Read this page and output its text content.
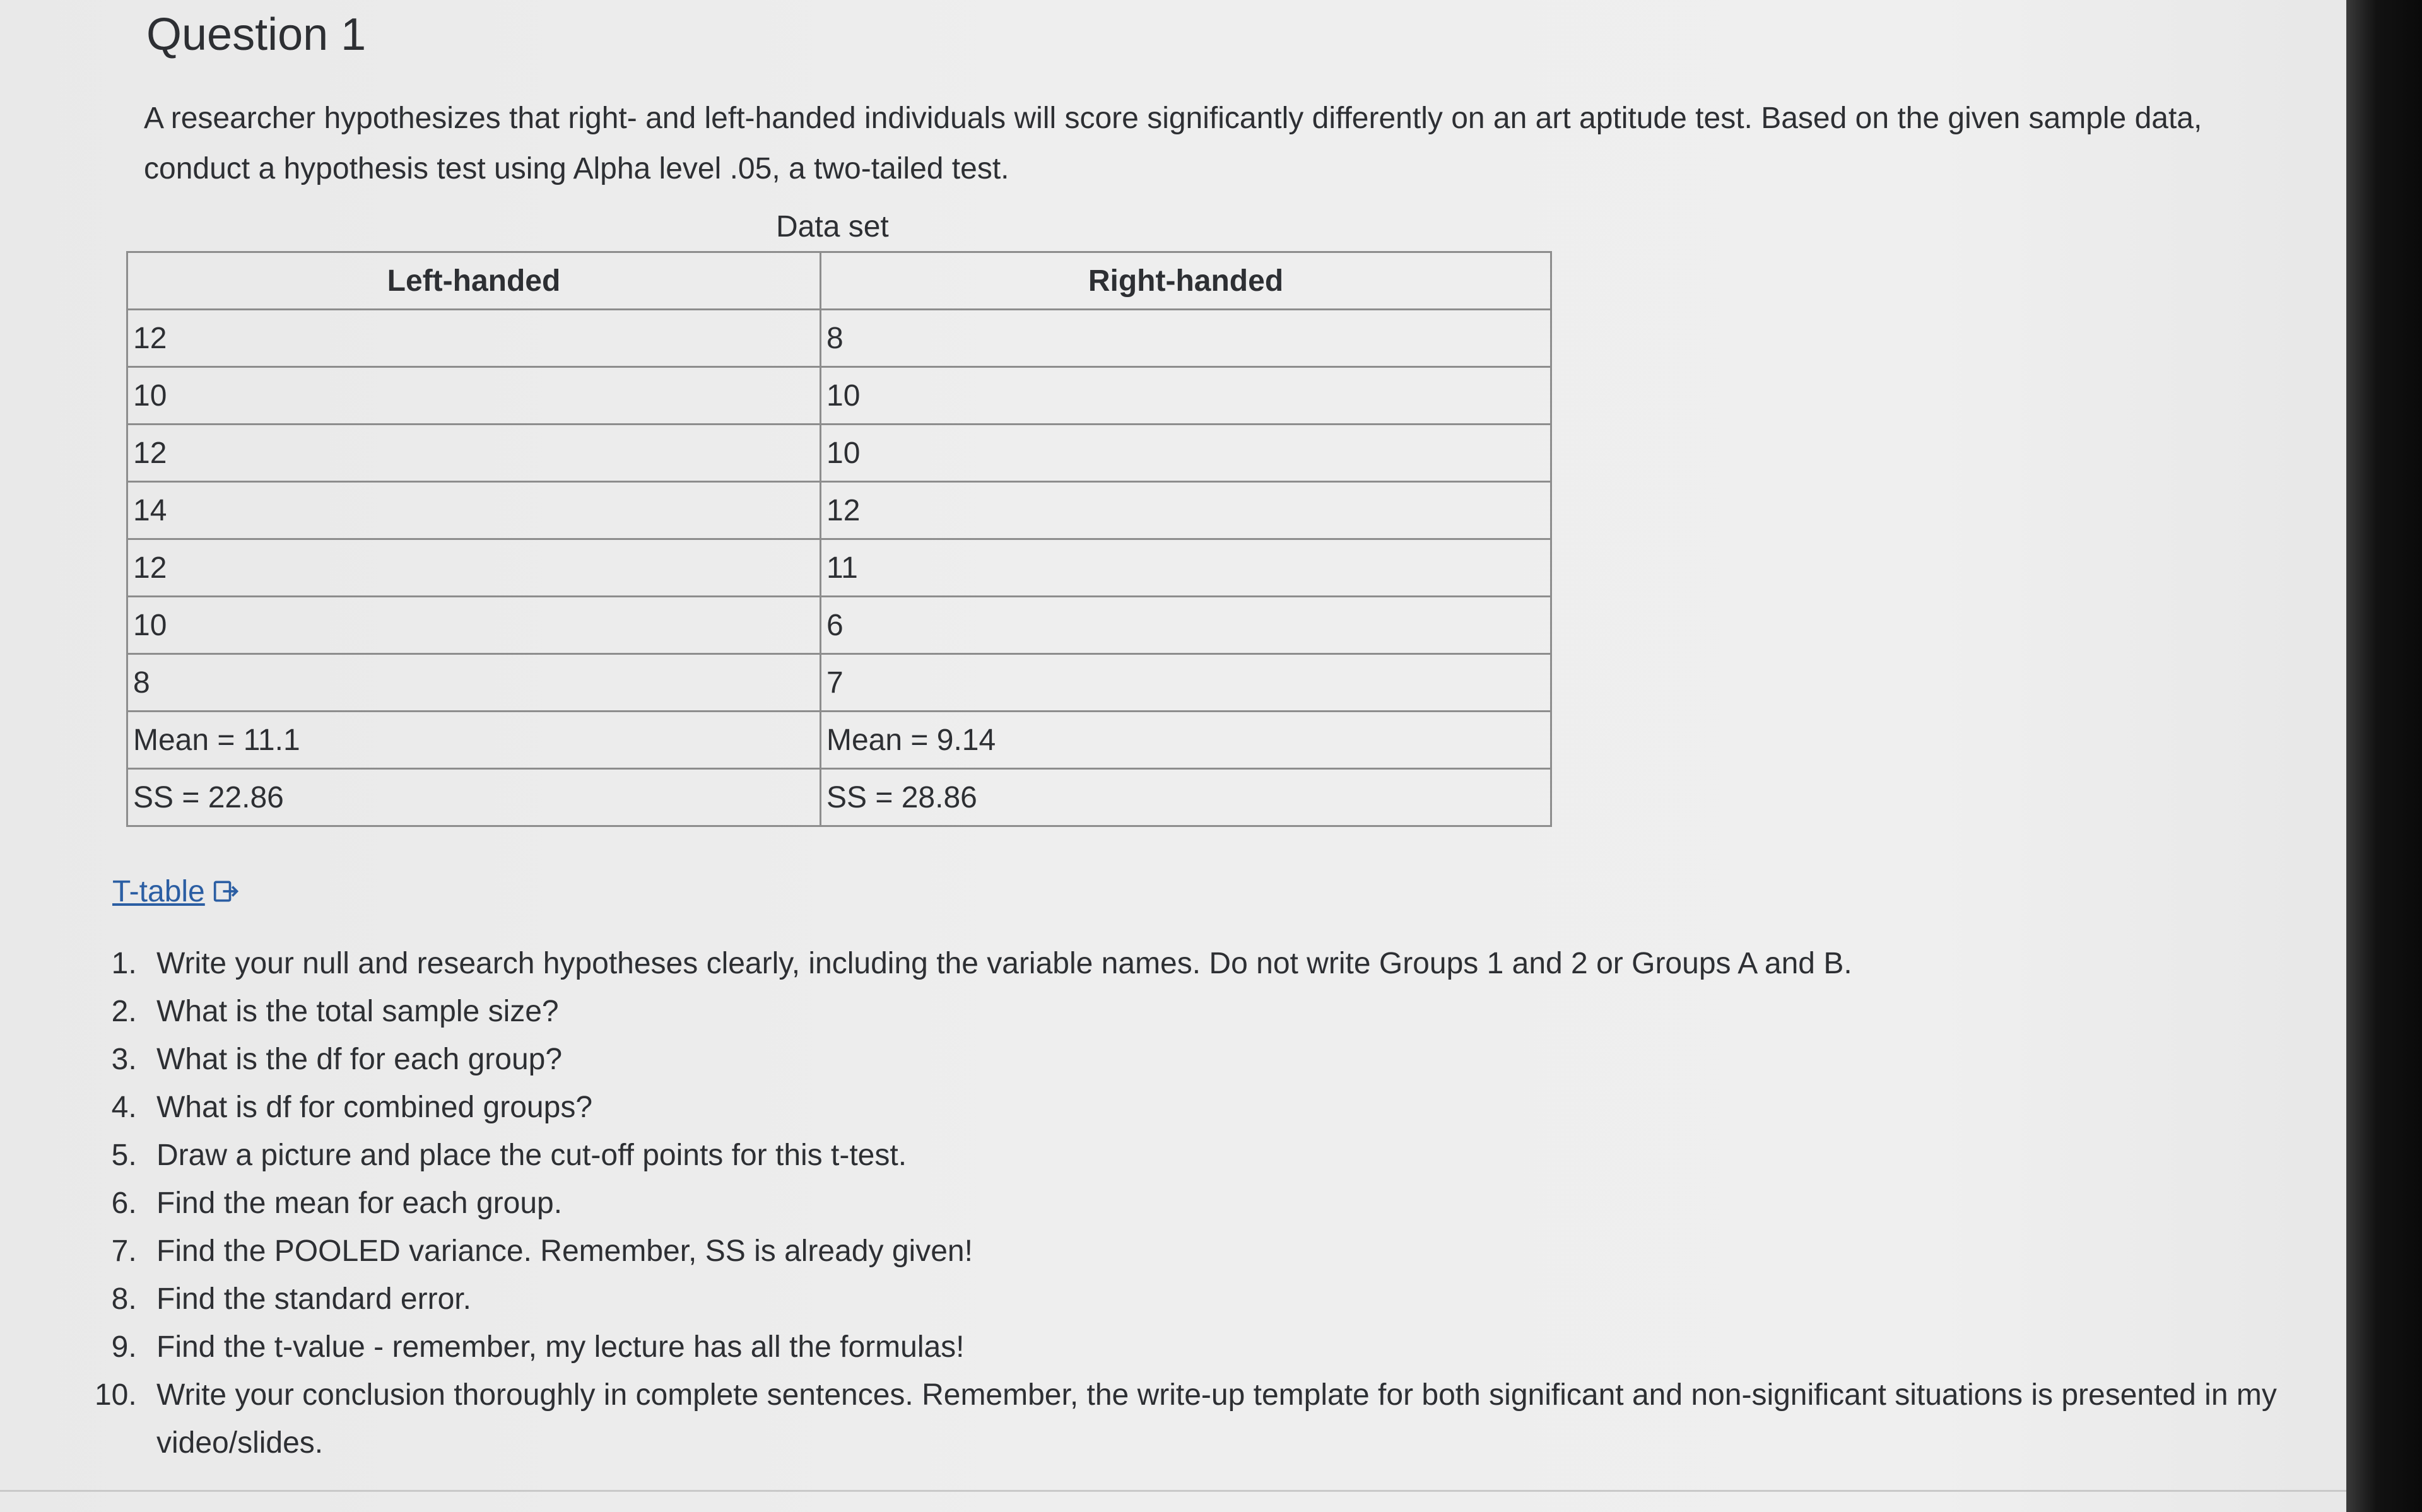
Question 1

A researcher hypothesizes that right- and left-handed individuals will score significantly differently on an art aptitude test. Based on the given sample data, conduct a hypothesis test using Alpha level .05, a two-tailed test.

Data set
Left-handed	Right-handed
12	8
10	10
12	10
14	12
12	11
10	6
8	7
Mean = 11.1	Mean = 9.14
SS = 22.86	SS = 28.86
T-table
1. Write your null and research hypotheses clearly, including the variable names. Do not write Groups 1 and 2 or Groups A and B.
2. What is the total sample size?
3. What is the df for each group?
4. What is df for combined groups?
5. Draw a picture and place the cut-off points for this t-test.
6. Find the mean for each group.
7. Find the POOLED variance. Remember, SS is already given!
8. Find the standard error.
9. Find the t-value - remember, my lecture has all the formulas!
10. Write your conclusion thoroughly in complete sentences. Remember, the write-up template for both significant and non-significant situations is presented in my video/slides.
